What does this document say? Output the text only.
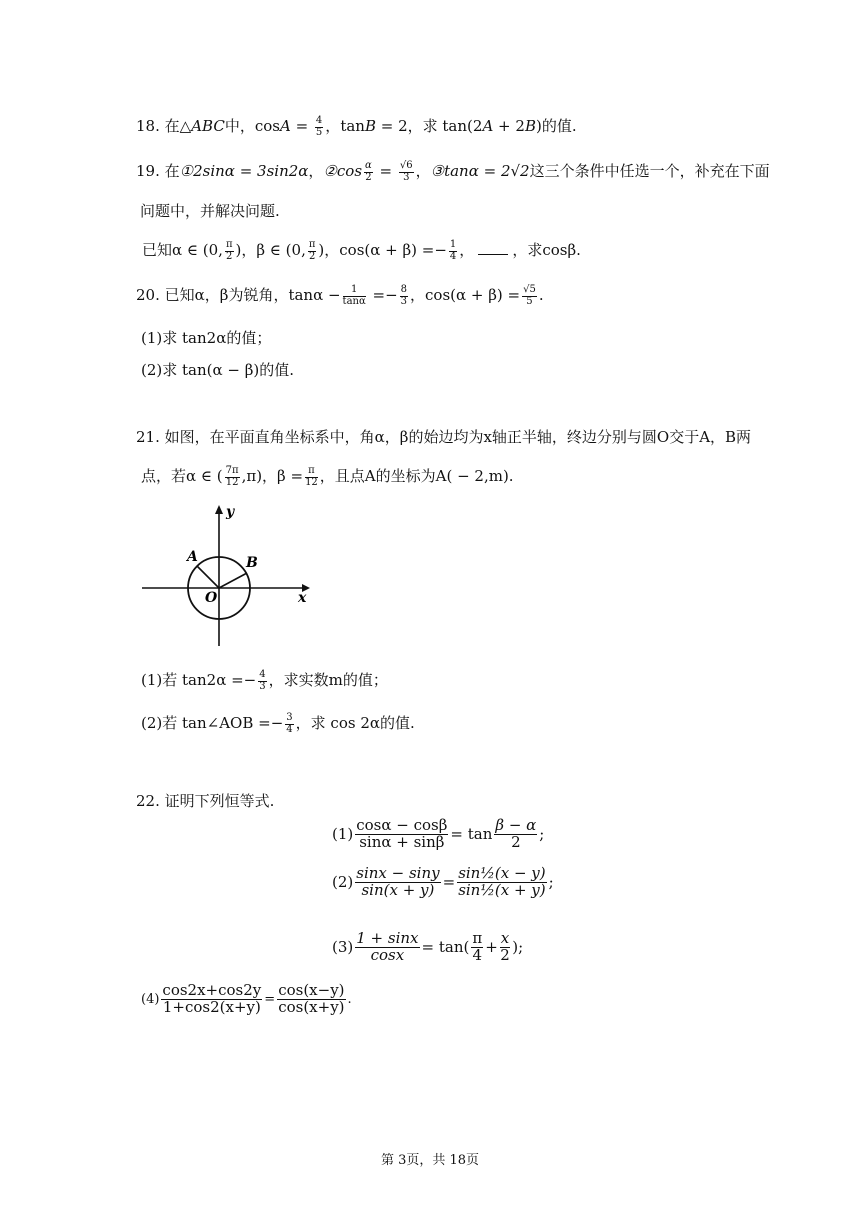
18. 在△ABC中，$\cos A = \frac{4}{5}$ ，tanB = 2，求 tan(2A + 2B)的值.
19. 在①2sinα = 3sin2α，②cos $\frac{\alpha}{2} = \frac{√6}{3}$ ，③tanα = 2√2这三个条件中任选一个，补充在下面
问题中，并解决问题.
已知α ∈ (0, $\frac{\pi}{2}$ )，β ∈ (0, $\frac{\pi}{2}$ )，$\cos(\alpha + \beta) =- \frac{1}{4}$ ，	，求cosβ.
20. 已知α，β为锐角，$\tan\alpha - \frac{1}{\tan\alpha} =- \frac{8}{3}$ ，$\cos(\alpha + \beta) = \frac{√5}{5}$ .
(1)求 tan2α的值；
(2)求 tan(α − β)的值.
21. 如图，在平面直角坐标系中，角α，β的始边均为x轴正半轴，终边分别与圆O交于A，B两
点，若α ∈ ( $\frac{7\pi}{12} ,\pi$)，$\beta = \frac{\pi}{12}$ ，且点A的坐标为A( − 2,m).
y
x
A	B
O
(1)若 $\tan 2\alpha =- \frac{4}{3}$ ，求实数m的值；
(2)若 tan∠AOB =− $\frac{3}{4}$ ，求 cos 2α的值.
22. 证明下列恒等式.
$(1) \frac{\cos\alpha - \cos\beta}{\sin\alpha + \sin\beta} = \tan \frac{\beta - \alpha}{2}$ ;
$(2) \frac{\sin x - \sin y}{\sin(x + y)} = \frac{\text{sin½(x − y)}}{\text{sin½(x + y)}}$ ;
$(3) \frac{1 + \sin x}{\cos x} = \tan( \frac{\pi}{4} + \frac{x}{2}$ );
$(4) \frac{\cos 2x+\cos 2y}{1+\cos 2(x+y)} = \frac{\cos(x-y)}{\cos(x+y)}$ .
第 3页，共 18页
